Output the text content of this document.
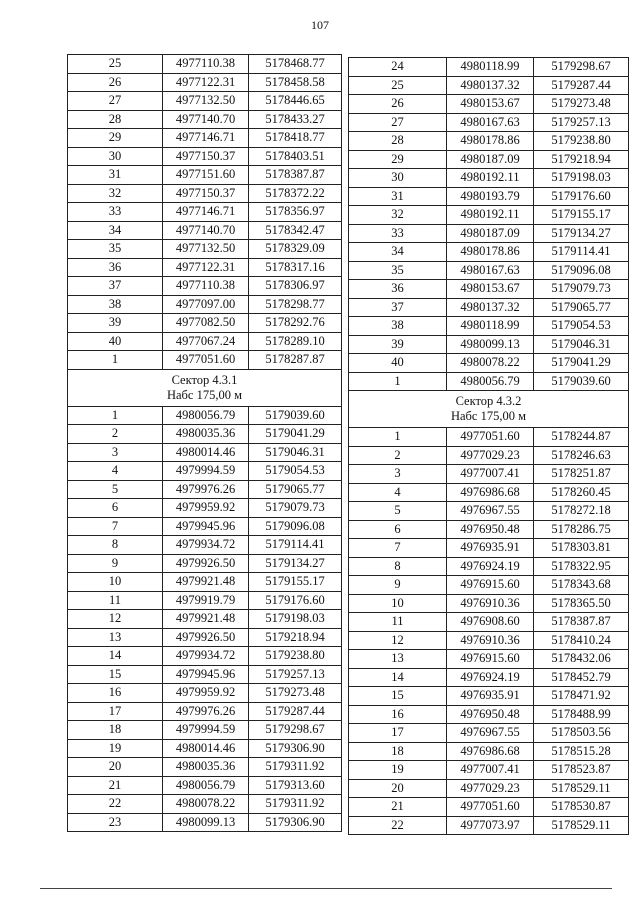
107
25	4977110.38	5178468.77
26	4977122.31	5178458.58
27	4977132.50	5178446.65
28	4977140.70	5178433.27
29	4977146.71	5178418.77
30	4977150.37	5178403.51
31	4977151.60	5178387.87
32	4977150.37	5178372.22
33	4977146.71	5178356.97
34	4977140.70	5178342.47
35	4977132.50	5178329.09
36	4977122.31	5178317.16
37	4977110.38	5178306.97
38	4977097.00	5178298.77
39	4977082.50	5178292.76
40	4977067.24	5178289.10
1	4977051.60	5178287.87

Сектор 4.3.1
Набс 175,00 м		

1	4980056.79	5179039.60
2	4980035.36	5179041.29
3	4980014.46	5179046.31
4	4979994.59	5179054.53
5	4979976.26	5179065.77
6	4979959.92	5179079.73
7	4979945.96	5179096.08
8	4979934.72	5179114.41
9	4979926.50	5179134.27
10	4979921.48	5179155.17
11	4979919.79	5179176.60
12	4979921.48	5179198.03
13	4979926.50	5179218.94
14	4979934.72	5179238.80
15	4979945.96	5179257.13
16	4979959.92	5179273.48
17	4979976.26	5179287.44
18	4979994.59	5179298.67
19	4980014.46	5179306.90
20	4980035.36	5179311.92
21	4980056.79	5179313.60
22	4980078.22	5179311.92
23	4980099.13	5179306.90
24	4980118.99	5179298.67
25	4980137.32	5179287.44
26	4980153.67	5179273.48
27	4980167.63	5179257.13
28	4980178.86	5179238.80
29	4980187.09	5179218.94
30	4980192.11	5179198.03
31	4980193.79	5179176.60
32	4980192.11	5179155.17
33	4980187.09	5179134.27
34	4980178.86	5179114.41
35	4980167.63	5179096.08
36	4980153.67	5179079.73
37	4980137.32	5179065.77
38	4980118.99	5179054.53
39	4980099.13	5179046.31
40	4980078.22	5179041.29
1	4980056.79	5179039.60

Сектор 4.3.2
Набс 175,00 м		

1	4977051.60	5178244.87
2	4977029.23	5178246.63
3	4977007.41	5178251.87
4	4976986.68	5178260.45
5	4976967.55	5178272.18
6	4976950.48	5178286.75
7	4976935.91	5178303.81
8	4976924.19	5178322.95
9	4976915.60	5178343.68
10	4976910.36	5178365.50
11	4976908.60	5178387.87
12	4976910.36	5178410.24
13	4976915.60	5178432.06
14	4976924.19	5178452.79
15	4976935.91	5178471.92
16	4976950.48	5178488.99
17	4976967.55	5178503.56
18	4976986.68	5178515.28
19	4977007.41	5178523.87
20	4977029.23	5178529.11
21	4977051.60	5178530.87
22	4977073.97	5178529.11
